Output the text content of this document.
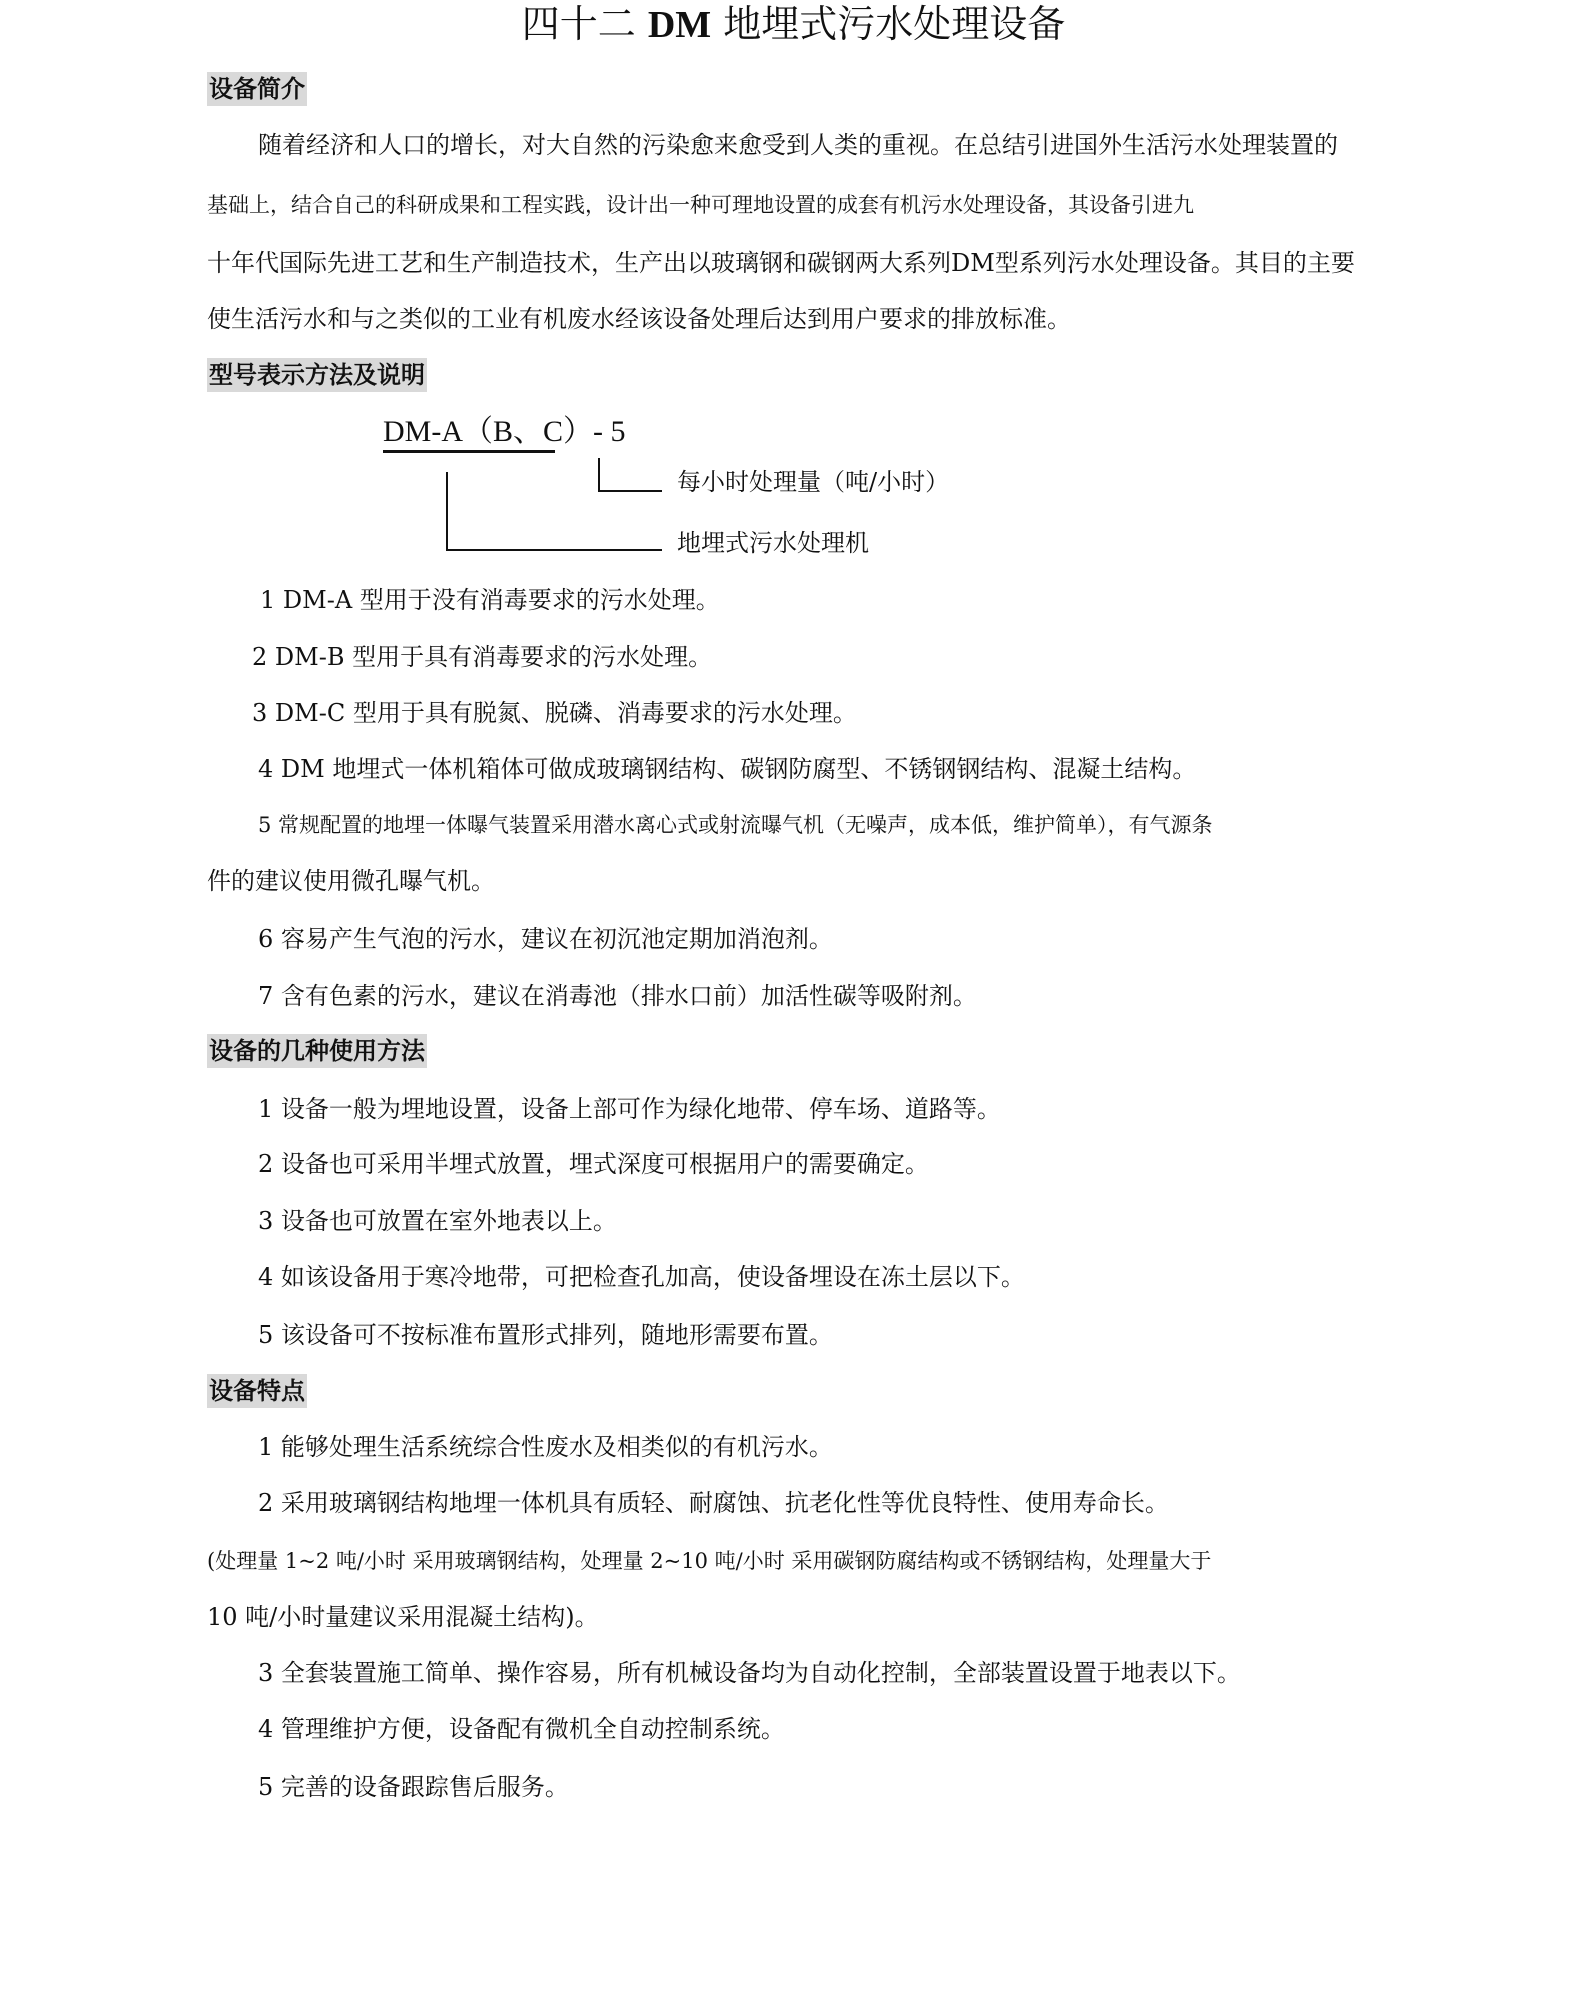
四十二 DM 地埋式污水处理设备
设备简介
随着经济和人口的增长，对大自然的污染愈来愈受到人类的重视。在总结引进国外生活污水处理装置的
基础上，结合自己的科研成果和工程实践，设计出一种可理地设置的成套有机污水处理设备，其设备引进九
十年代国际先进工艺和生产制造技术，生产出以玻璃钢和碳钢两大系列DM型系列污水处理设备。其目的主要
使生活污水和与之类似的工业有机废水经该设备处理后达到用户要求的排放标准。
型号表示方法及说明
DM-A（B、C）- 5
每小时处理量（吨/小时）
地埋式污水处理机
1 DM-A 型用于没有消毒要求的污水处理。
2 DM-B 型用于具有消毒要求的污水处理。
3 DM-C 型用于具有脱氮、脱磷、消毒要求的污水处理。
4 DM 地埋式一体机箱体可做成玻璃钢结构、碳钢防腐型、不锈钢钢结构、混凝土结构。
5 常规配置的地埋一体曝气装置采用潜水离心式或射流曝气机（无噪声，成本低，维护简单），有气源条
件的建议使用微孔曝气机。
6 容易产生气泡的污水，建议在初沉池定期加消泡剂。
7 含有色素的污水，建议在消毒池（排水口前）加活性碳等吸附剂。
设备的几种使用方法
1 设备一般为埋地设置，设备上部可作为绿化地带、停车场、道路等。
2 设备也可采用半埋式放置，埋式深度可根据用户的需要确定。
3 设备也可放置在室外地表以上。
4 如该设备用于寒冷地带，可把检查孔加高，使设备埋设在冻土层以下。
5 该设备可不按标准布置形式排列，随地形需要布置。
设备特点
1 能够处理生活系统综合性废水及相类似的有机污水。
2 采用玻璃钢结构地埋一体机具有质轻、耐腐蚀、抗老化性等优良特性、使用寿命长。
(处理量 1~2 吨/小时 采用玻璃钢结构，处理量 2~10 吨/小时 采用碳钢防腐结构或不锈钢结构，处理量大于
10 吨/小时量建议采用混凝土结构)。
3 全套装置施工简单、操作容易，所有机械设备均为自动化控制，全部装置设置于地表以下。
4 管理维护方便，设备配有微机全自动控制系统。
5 完善的设备跟踪售后服务。
